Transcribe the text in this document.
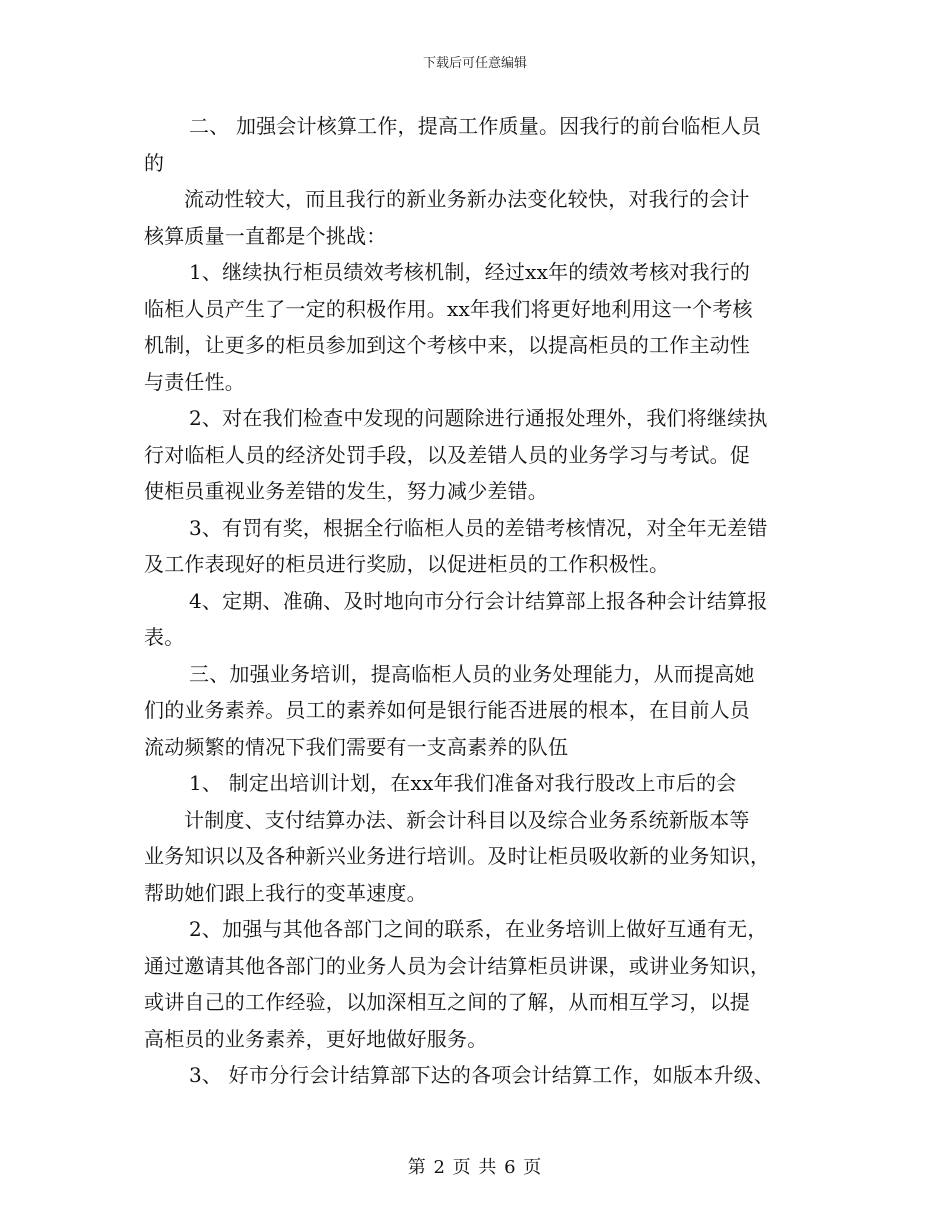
下载后可任意编辑
二、 加强会计核算工作，提高工作质量。因我行的前台临柜人员
的
流动性较大，而且我行的新业务新办法变化较快，对我行的会计
核算质量一直都是个挑战：
1、继续执行柜员绩效考核机制，经过xx年的绩效考核对我行的
临柜人员产生了一定的积极作用。xx年我们将更好地利用这一个考核
机制，让更多的柜员参加到这个考核中来，以提高柜员的工作主动性
与责任性。
2、对在我们检查中发现的问题除进行通报处理外，我们将继续执
行对临柜人员的经济处罚手段，以及差错人员的业务学习与考试。促
使柜员重视业务差错的发生，努力减少差错。
3、有罚有奖，根据全行临柜人员的差错考核情况，对全年无差错
及工作表现好的柜员进行奖励，以促进柜员的工作积极性。
4、定期、准确、及时地向市分行会计结算部上报各种会计结算报
表。
三、加强业务培训，提高临柜人员的业务处理能力，从而提高她
们的业务素养。员工的素养如何是银行能否进展的根本，在目前人员
流动频繁的情况下我们需要有一支高素养的队伍
1、 制定出培训计划，在xx年我们准备对我行股改上市后的会
计制度、支付结算办法、新会计科目以及综合业务系统新版本等
业务知识以及各种新兴业务进行培训。及时让柜员吸收新的业务知识，
帮助她们跟上我行的变革速度。
2、加强与其他各部门之间的联系，在业务培训上做好互通有无，
通过邀请其他各部门的业务人员为会计结算柜员讲课，或讲业务知识，
或讲自己的工作经验，以加深相互之间的了解，从而相互学习，以提
高柜员的业务素养，更好地做好服务。
3、 好市分行会计结算部下达的各项会计结算工作，如版本升级、
第 2 页 共 6 页
